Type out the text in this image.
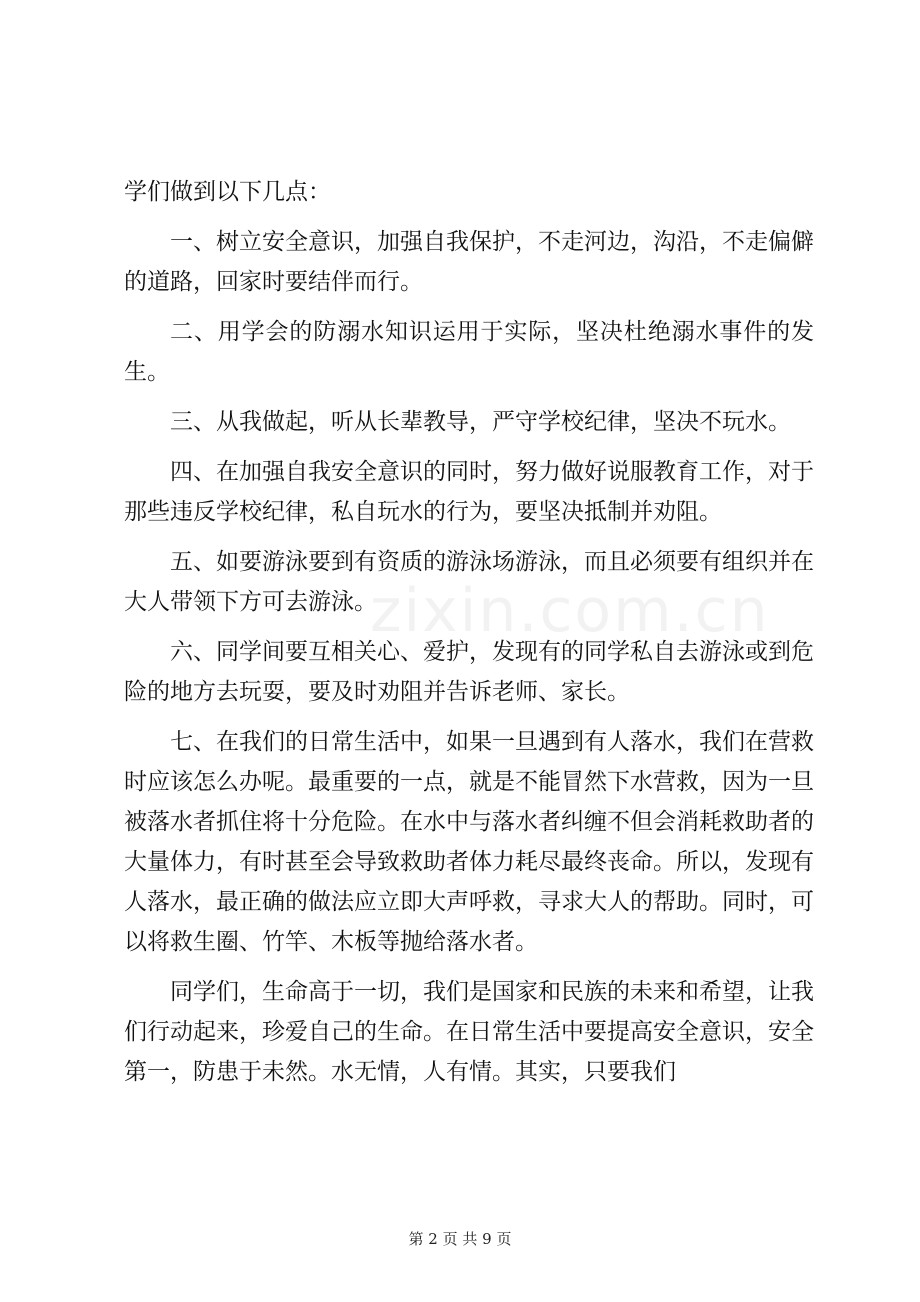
学们做到以下几点：

一、树立安全意识，加强自我保护，不走河边，沟沿，不走偏僻的道路，回家时要结伴而行。

二、用学会的防溺水知识运用于实际，坚决杜绝溺水事件的发生。

三、从我做起，听从长辈教导，严守学校纪律，坚决不玩水。

四、在加强自我安全意识的同时，努力做好说服教育工作，对于那些违反学校纪律，私自玩水的行为，要坚决抵制并劝阻。

五、如要游泳要到有资质的游泳场游泳，而且必须要有组织并在大人带领下方可去游泳。

六、同学间要互相关心、爱护，发现有的同学私自去游泳或到危险的地方去玩耍，要及时劝阻并告诉老师、家长。

七、在我们的日常生活中，如果一旦遇到有人落水，我们在营救时应该怎么办呢。最重要的一点，就是不能冒然下水营救，因为一旦被落水者抓住将十分危险。在水中与落水者纠缠不但会消耗救助者的大量体力，有时甚至会导致救助者体力耗尽最终丧命。所以，发现有人落水，最正确的做法应立即大声呼救，寻求大人的帮助。同时，可以将救生圈、竹竿、木板等抛给落水者。

同学们，生命高于一切，我们是国家和民族的未来和希望，让我们行动起来，珍爱自己的生命。在日常生活中要提高安全意识，安全第一，防患于未然。水无情，人有情。其实，只要我们

zixin.com.cn
第 2 页 共 9 页
